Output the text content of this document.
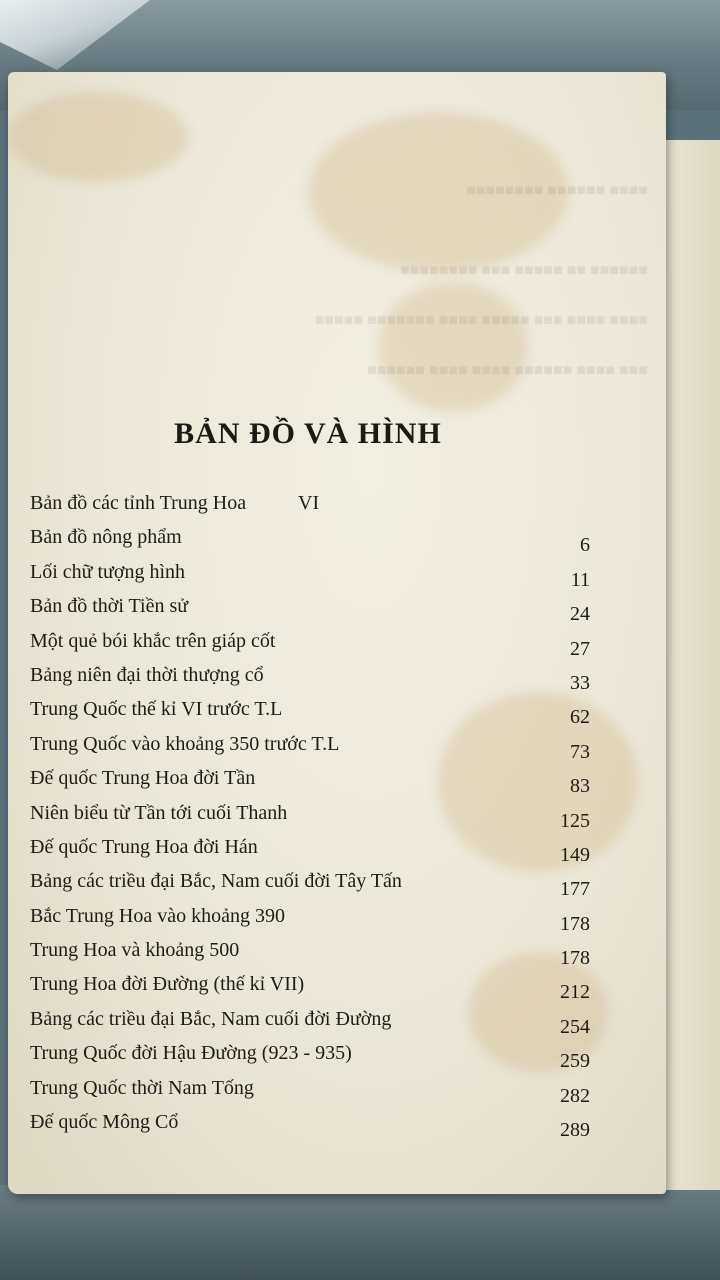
■■■■ ■■■■■■ ■■■■■■■■
■■■■■■ ■■ ■■■■■ ■■■ ■■■■■■■■
■■■■ ■■■■ ■■■ ■■■■■ ■■■■ ■■■■■■■ ■■■■■
■■■ ■■■■ ■■■■■■ ■■■■ ■■■■ ■■■■■■
BẢN ĐỒ VÀ HÌNH
Bản đồ các tỉnh Trung Hoa	VI
Bản đồ nông phẩm	6
Lối chữ tượng hình	11
Bản đồ thời Tiền sử	24
Một quẻ bói khắc trên giáp cốt	27
Bảng niên đại thời thượng cổ	33
Trung Quốc thế kỉ VI trước T.L	62
Trung Quốc vào khoảng 350 trước T.L	73
Đế quốc Trung Hoa đời Tần	83
Niên biểu từ Tần tới cuối Thanh	125
Đế quốc Trung Hoa đời Hán	149
Bảng các triều đại Bắc, Nam cuối đời Tây Tấn	177
Bắc Trung Hoa vào khoảng 390	178
Trung Hoa và khoảng 500	178
Trung Hoa đời Đường (thế kỉ VII)	212
Bảng các triều đại Bắc, Nam cuối đời Đường	254
Trung Quốc đời Hậu Đường (923 - 935)	259
Trung Quốc thời Nam Tống	282
Đế quốc Mông Cổ	289
